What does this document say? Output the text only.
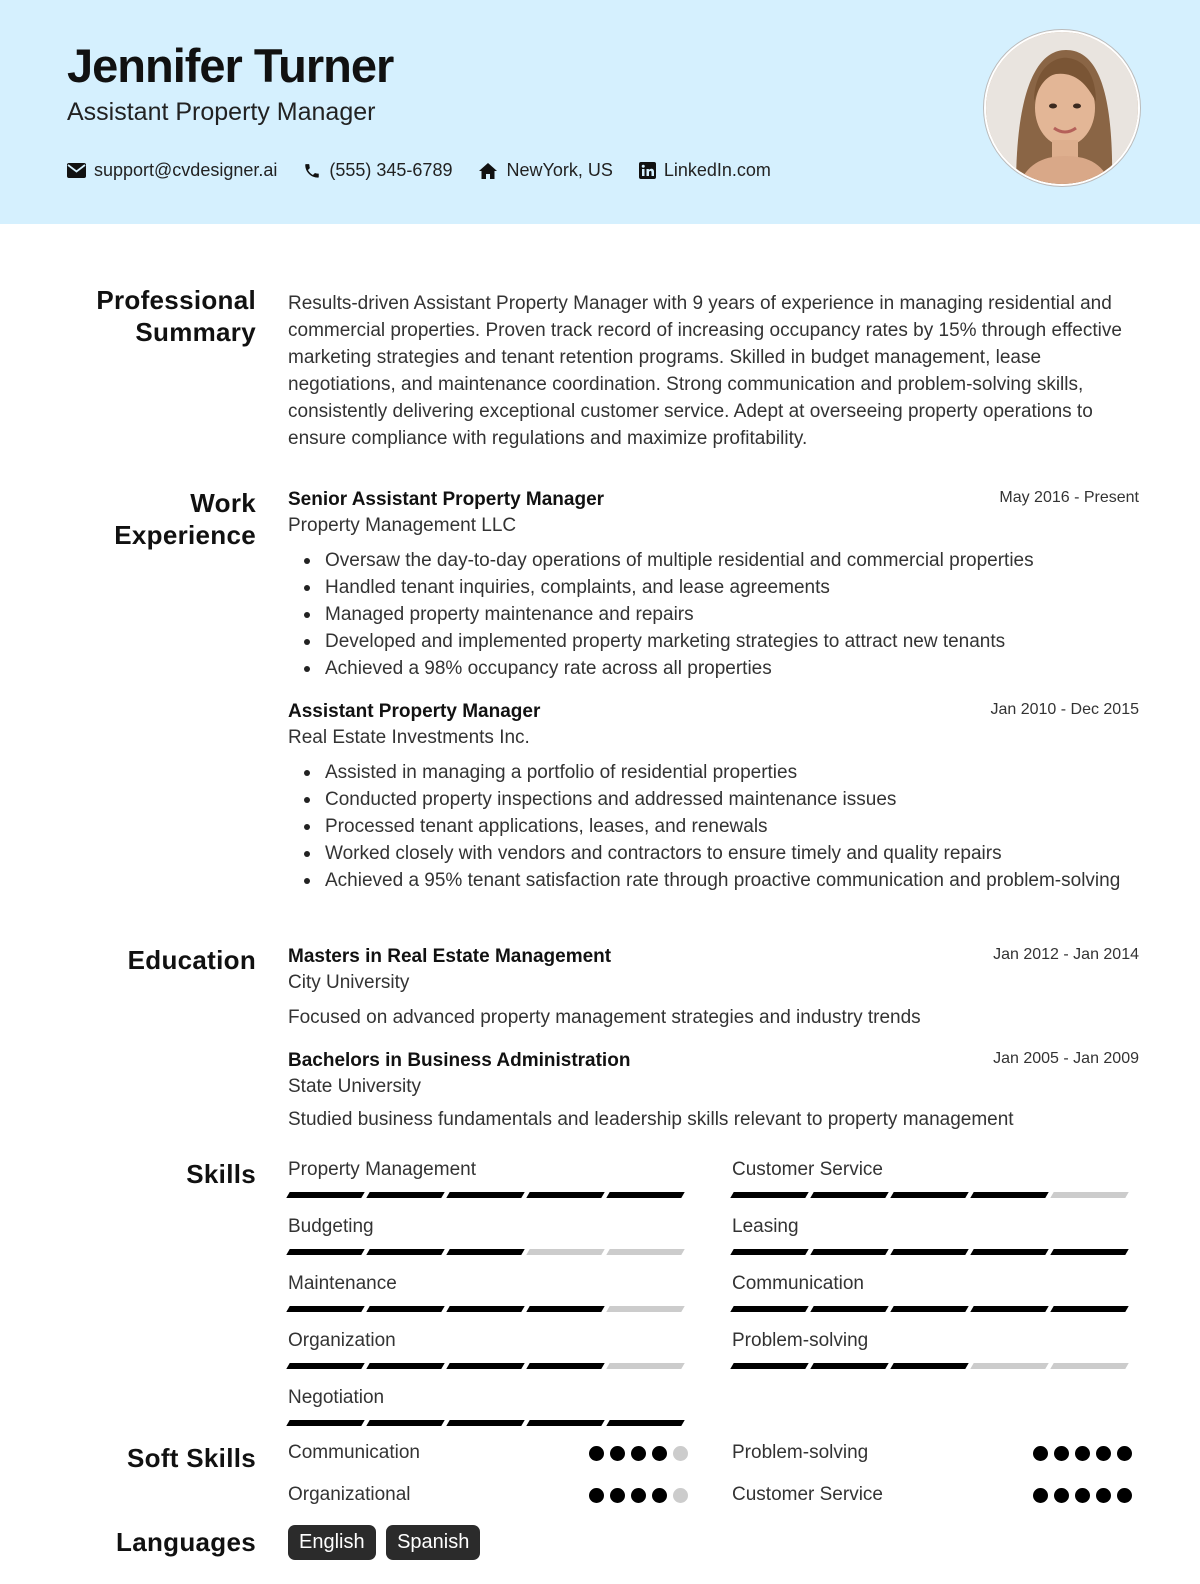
Jennifer Turner
Assistant Property Manager
support@cvdesigner.ai	(555) 345-6789	NewYork, US	LinkedIn.com
Professional Summary
Results-driven Assistant Property Manager with 9 years of experience in managing residential and commercial properties. Proven track record of increasing occupancy rates by 15% through effective marketing strategies and tenant retention programs. Skilled in budget management, lease negotiations, and maintenance coordination. Strong communication and problem-solving skills, consistently delivering exceptional customer service. Adept at overseeing property operations to ensure compliance with regulations and maximize profitability.
Work Experience
Senior Assistant Property Manager	May 2016 - Present
Property Management LLC
Oversaw the day-to-day operations of multiple residential and commercial properties
Handled tenant inquiries, complaints, and lease agreements
Managed property maintenance and repairs
Developed and implemented property marketing strategies to attract new tenants
Achieved a 98% occupancy rate across all properties
Assistant Property Manager	Jan 2010 - Dec 2015
Real Estate Investments Inc.
Assisted in managing a portfolio of residential properties
Conducted property inspections and addressed maintenance issues
Processed tenant applications, leases, and renewals
Worked closely with vendors and contractors to ensure timely and quality repairs
Achieved a 95% tenant satisfaction rate through proactive communication and problem-solving
Education Masters in Real Estate Management	Jan 2012 - Jan 2014
City University
Focused on advanced property management strategies and industry trends
Bachelors in Business Administration	Jan 2005 - Jan 2009
State University
Studied business fundamentals and leadership skills relevant to property management
Skills Property Management	Customer Service
Budgeting	Leasing
Maintenance	Communication
Organization	Problem-solving
Negotiation
Soft Skills Communication	Problem-solving
Organizational	Customer Service
Languages	English Spanish
